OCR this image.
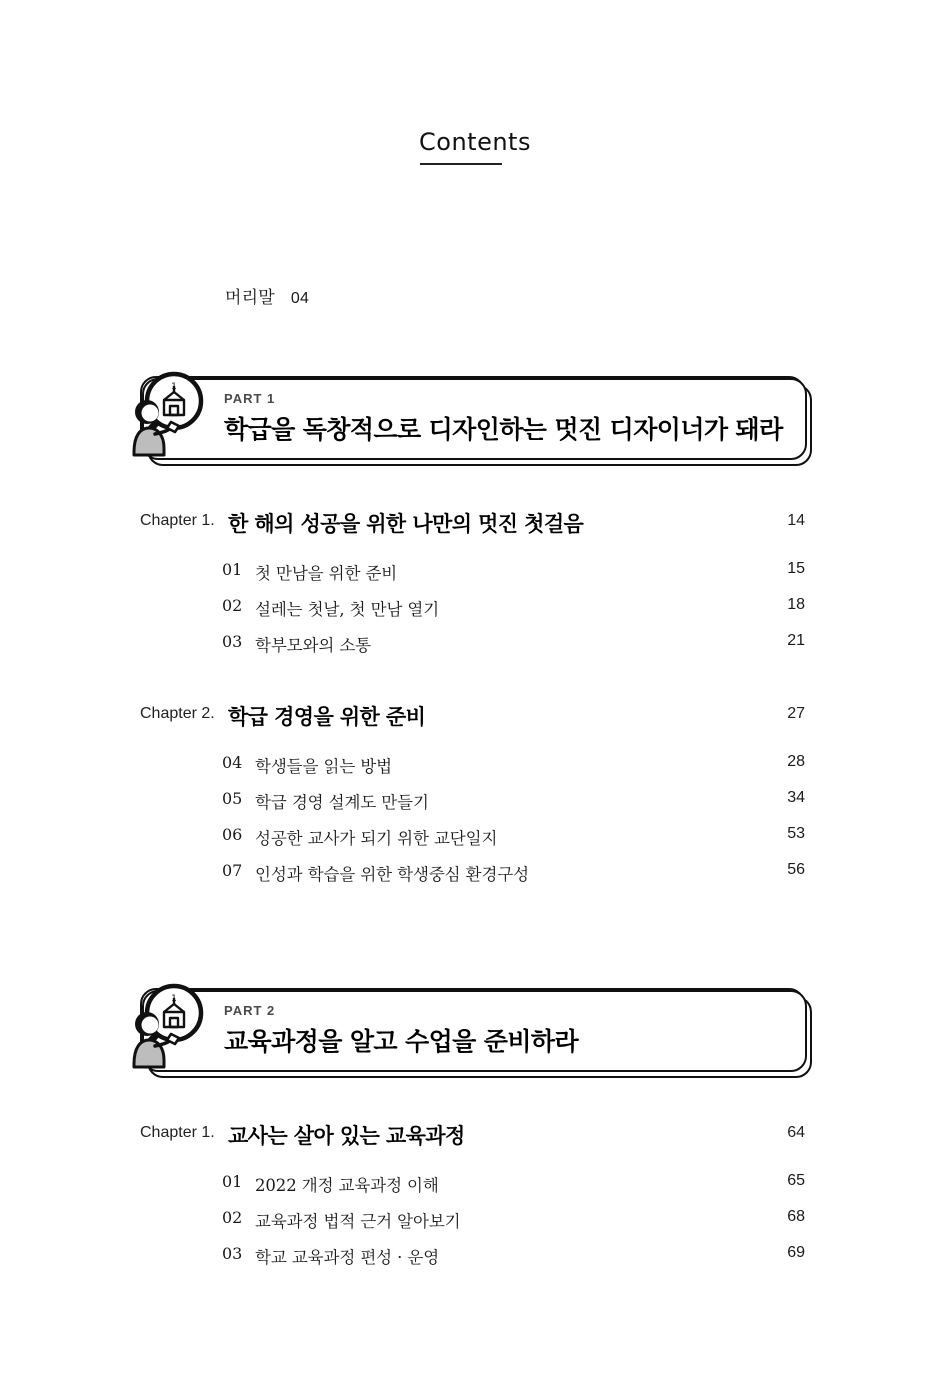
Contents
머리말 04
PART 1
학급을 독창적으로 디자인하는 멋진 디자이너가 돼라
1
Chapter 1. 한 해의 성공을 위한 나만의 멋진 첫걸음	14
01 첫 만남을 위한 준비	15
02 설레는 첫날, 첫 만남 열기	18
03 학부모와의 소통	21
Chapter 2. 학급 경영을 위한 준비	27
04 학생들을 읽는 방법	28
05 학급 경영 설계도 만들기	34
06 성공한 교사가 되기 위한 교단일지	53
07 인성과 학습을 위한 학생중심 환경구성	56
PART 2
교육과정을 알고 수업을 준비하라
1
Chapter 1. 교사는 살아 있는 교육과정	64
01 2022 개정 교육과정 이해	65
02 교육과정 법적 근거 알아보기	68
03 학교 교육과정 편성 · 운영	69
